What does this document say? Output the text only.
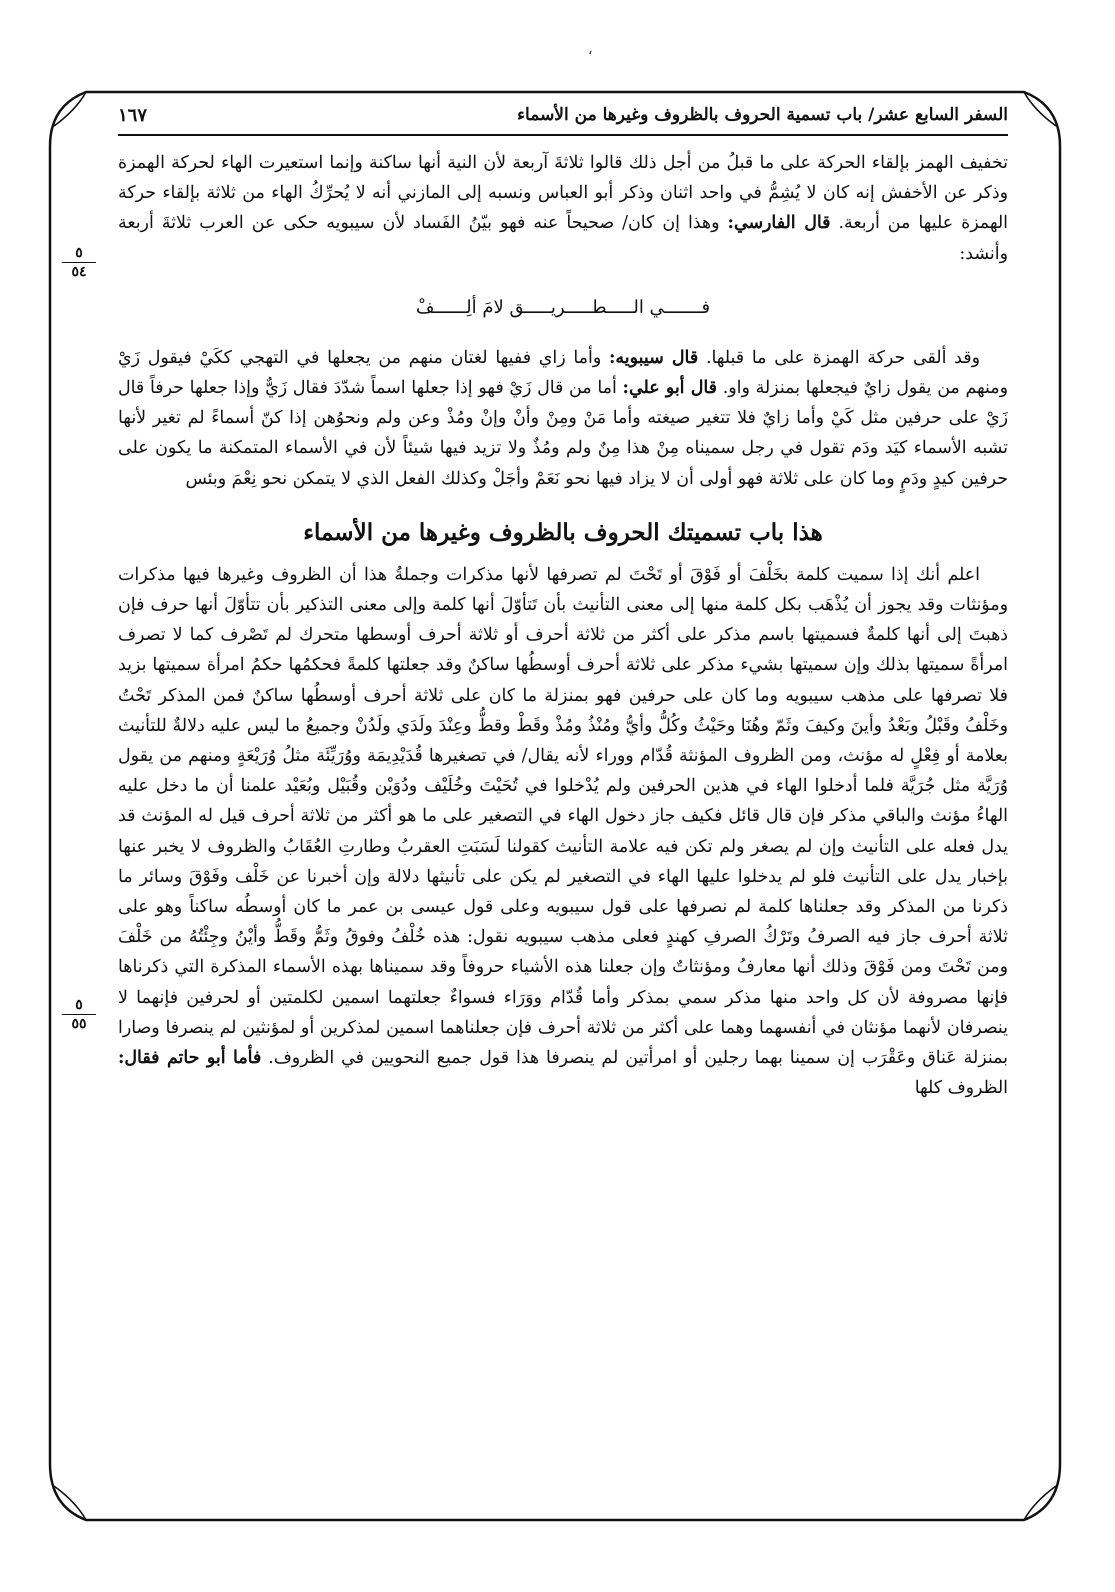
،
السفر السابع عشر/ باب تسمية الحروف بالظروف وغيرها من الأسماء
١٦٧

تخفيف الهمز بإلقاء الحركة على ما قبلُ من أجل ذلك قالوا ثلاثةَ آربعة لأن النية أنها ساكنة وإنما استعيرت الهاء لحركة الهمزة وذكر عن الأخفش إنه كان لا يُشِمُّ في واحد اثنان وذكر أبو العباس ونسبه إلى المازني أنه لا يُحرِّكُ الهاء من ثلاثة بإلقاء حركة الهمزة عليها من أربعة. قال الفارسي: وهذا إن كان/ صحيحاً عنه فهو بيّنُ الفَساد لأن سيبويه حكى عن العرب ثلاثةَ أربعة وأنشد:

فـــــــي الـــــطـــــريـــــق لامَ ألِــــــفْ

وقد ألقى حركة الهمزة على ما قبلها. قال سيبويه: وأما زاي ففيها لغتان منهم من يجعلها في التهجي ككَيْ فيقول زَيْ ومنهم من يقول زايٌ فيجعلها بمنزلة واو. قال أبو علي: أما من قال زَيْ فهو إذا جعلها اسماً شدّدَ فقال زَيٌّ وإذا جعلها حرفاً قال زَيْ على حرفين مثل كَيْ وأما زايٌ فلا تتغير صيغته وأما مَنْ ومِنْ وأنْ وإنْ ومُذْ وعن ولم ونحوُهن إذا كنّ أسماءً لم تغير لأنها تشبه الأسماء كيَد ودَم تقول في رجل سميناه مِنْ هذا مِنٌ ولم ومُذٌ ولا تزيد فيها شيئاً لأن في الأسماء المتمكنة ما يكون على حرفين كيدٍ ودَمٍ وما كان على ثلاثة فهو أولى أن لا يزاد فيها نحو نَعَمْ وأجَلْ وكذلك الفعل الذي لا يتمكن نحو نِعْمَ وبئس

هذا باب تسميتك الحروف بالظروف وغيرها من الأسماء

اعلم أنك إذا سميت كلمة بخَلْفَ أو فَوْقَ أو تَحْتَ لم تصرفها لأنها مذكرات وجملةُ هذا أن الظروف وغيرها فيها مذكرات ومؤنثات وقد يجوز أن يُذْهَب بكل كلمة منها إلى معنى التأنيث بأن تَتأوّلَ أنها كلمة وإلى معنى التذكير بأن تتأوّلَ أنها حرف فإن ذهبتَ إلى أنها كلمةٌ فسميتها باسم مذكر على أكثر من ثلاثة أحرف أو ثلاثة أحرف أوسطها متحرك لم تَصْرف كما لا تصرف امرأةً سميتها بذلك وإن سميتها بشيء مذكر على ثلاثة أحرف أوسطُها ساكنٌ وقد جعلتها كلمةً فحكمُها حكمُ امرأة سميتها بزيد فلا تصرفها على مذهب سيبويه وما كان على حرفين فهو بمنزلة ما كان على ثلاثة أحرف أوسطُها ساكنٌ فمن المذكر تَحْتُ وخَلْفُ وقَبْلُ وبَعْدُ وأينَ وكيفَ وثَمّ وهُنَا وحَيْثُ وكُلُّ وأيُّ ومُنْذُ ومُذْ وقَطْ وقطُّ وعِنْدَ ولَدَي ولَدُنْ وجميعُ ما ليس عليه دلالةٌ للتأنيث بعلامة أو فِعْلٍ له مؤنث، ومن الظروف المؤنثة قُدّام ووراء لأنه يقال/ في تصغيرها قُدَيْدِيمَة ووُرَيِّئَة مثلُ وُرَيْعَةٍ ومنهم من يقول وُرَيَّة مثل جُرَيَّة فلما أدخلوا الهاء في هذين الحرفين ولم يُدْخلوا في تُحَيْتَ وخُلَيْف ودُوَيْن وقُبَيْل وبُعَيْد علمنا أن ما دخل عليه الهاءُ مؤنث والباقي مذكر فإن قال قائل فكيف جاز دخول الهاء في التصغير على ما هو أكثر من ثلاثة أحرف قيل له المؤنث قد يدل فعله على التأنيث وإن لم يصغر ولم تكن فيه علامة التأنيث كقولنا لَسَبَتِ العقربُ وطارتِ العُقَابُ والظروف لا يخبر عنها بإخبار يدل على التأنيث فلو لم يدخلوا عليها الهاء في التصغير لم يكن على تأنيثها دلالة وإن أخبرنا عن خَلْف وفَوْقَ وسائر ما ذكرنا من المذكر وقد جعلناها كلمة لم نصرفها على قول سيبويه وعلى قول عيسى بن عمر ما كان أوسطُه ساكناً وهو على ثلاثة أحرف جاز فيه الصرفُ وتَرْكُ الصرفِ كهندٍ فعلى مذهب سيبويه نقول: هذه خُلْفُ وفوقُ وثَمُّ وقَطُّ وأيْنُ وجِئْتُهُ من خَلْفَ ومن تَحْتَ ومن فَوْقَ وذلك أنها معارفُ ومؤنثاتٌ وإن جعلنا هذه الأشياء حروفاً وقد سميناها بهذه الأسماء المذكرة التي ذكرناها فإنها مصروفة لأن كل واحد منها مذكر سمي بمذكر وأما قُدّام ووَرَاء فسواءٌ جعلتهما اسمين لكلمتين أو لحرفين فإنهما لا ينصرفان لأنهما مؤنثان في أنفسهما وهما على أكثر من ثلاثة أحرف فإن جعلناهما اسمين لمذكرين أو لمؤنثين لم ينصرفا وصارا بمنزلة عَناق وعَقْرَب إن سمينا بهما رجلين أو امرأتين لم ينصرفا هذا قول جميع النحويين في الظروف. فأما أبو حاتم فقال: الظروف كلها

٥
٥٤
٥
٥٥
